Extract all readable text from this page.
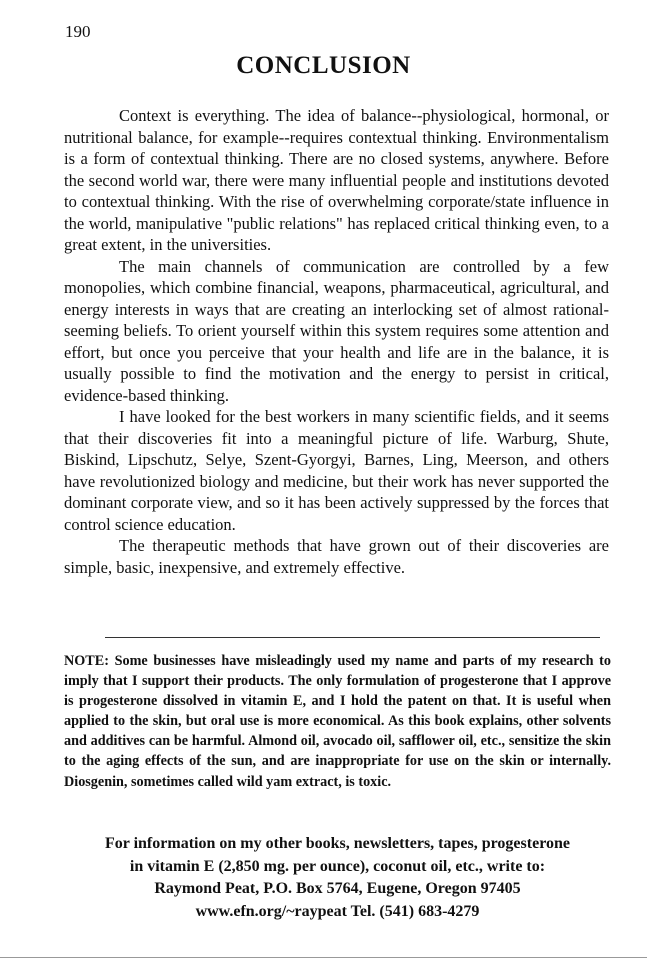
190
CONCLUSION

Context is everything. The idea of balance--physiological, hormonal, or nutritional balance, for example--requires contextual thinking. Environmentalism is a form of contextual thinking. There are no closed systems, anywhere. Before the second world war, there were many influential people and institutions devoted to contextual thinking. With the rise of overwhelming corporate/state influence in the world, manipulative "public relations" has replaced critical thinking even, to a great extent, in the universities.

The main channels of communication are controlled by a few monopolies, which combine financial, weapons, pharmaceutical, agricultural, and energy interests in ways that are creating an interlocking set of almost rational-seeming beliefs. To orient yourself within this system requires some attention and effort, but once you perceive that your health and life are in the balance, it is usually possible to find the motivation and the energy to persist in critical, evidence-based thinking.

I have looked for the best workers in many scientific fields, and it seems that their discoveries fit into a meaningful picture of life. Warburg, Shute, Biskind, Lipschutz, Selye, Szent-Gyorgyi, Barnes, Ling, Meerson, and others have revolutionized biology and medicine, but their work has never supported the dominant corporate view, and so it has been actively suppressed by the forces that control science education.

The therapeutic methods that have grown out of their discoveries are simple, basic, inexpensive, and extremely effective.

NOTE: Some businesses have misleadingly used my name and parts of my research to imply that I support their products. The only formulation of progesterone that I approve is progesterone dissolved in vitamin E, and I hold the patent on that. It is useful when applied to the skin, but oral use is more economical. As this book explains, other solvents and additives can be harmful. Almond oil, avocado oil, safflower oil, etc., sensitize the skin to the aging effects of the sun, and are inappropriate for use on the skin or internally. Diosgenin, sometimes called wild yam extract, is toxic.
For information on my other books, newsletters, tapes, progesterone
in vitamin E (2,850 mg. per ounce), coconut oil, etc., write to:
Raymond Peat, P.O. Box 5764, Eugene, Oregon 97405
www.efn.org/~raypeat Tel. (541) 683-4279
